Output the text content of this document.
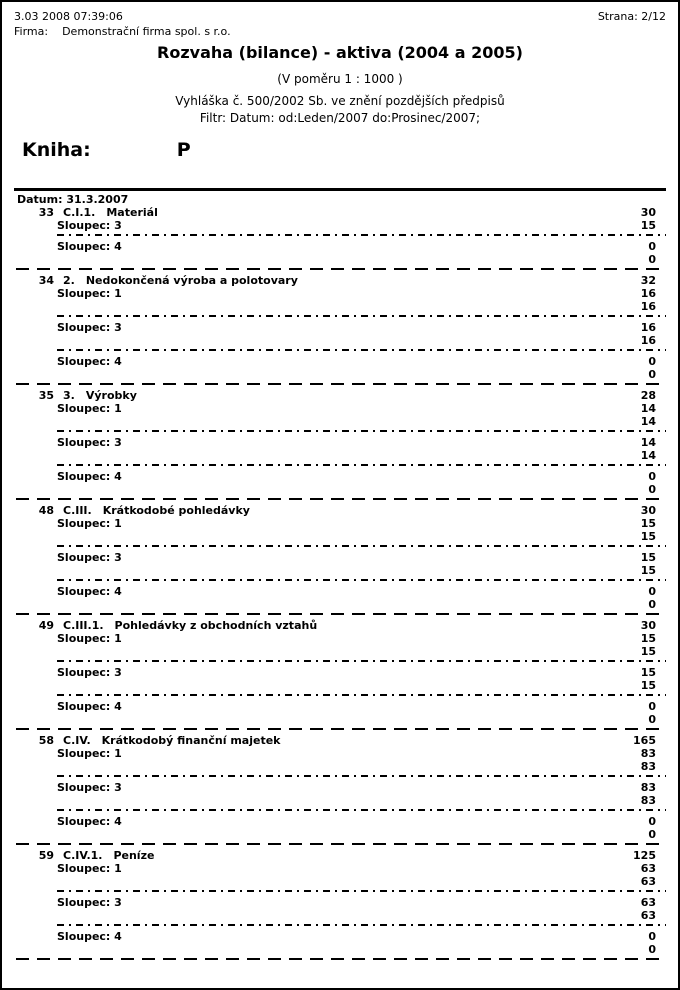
3.03 2008 07:39:06	Strana: 2/12
Firma: Demonstrační firma spol. s r.o.
Rozvaha (bilance) - aktiva (2004 a 2005)
(V poměru 1 : 1000 )
Vyhláška č. 500/2002 Sb. ve znění pozdějších předpisů
Filtr: Datum: od:Leden/2007 do:Prosinec/2007;
Kniha:	P
Datum: 31.3.2007
33 C.I.1. Materiál	30
Sloupec: 3	15
Sloupec: 4	0
0
34 2. Nedokončená výroba a polotovary	32
Sloupec: 1	16
16
Sloupec: 3	16
16
Sloupec: 4	0
0
35 3. Výrobky	28
Sloupec: 1	14
14
Sloupec: 3	14
14
Sloupec: 4	0
0
48 C.III. Krátkodobé pohledávky	30
Sloupec: 1	15
15
Sloupec: 3	15
15
Sloupec: 4	0
0
49 C.III.1. Pohledávky z obchodních vztahů	30
Sloupec: 1	15
15
Sloupec: 3	15
15
Sloupec: 4	0
0
58 C.IV. Krátkodobý finanční majetek	165
Sloupec: 1	83
83
Sloupec: 3	83
83
Sloupec: 4	0
0
59 C.IV.1. Peníze	125
Sloupec: 1	63
63
Sloupec: 3	63
63
Sloupec: 4	0
0
